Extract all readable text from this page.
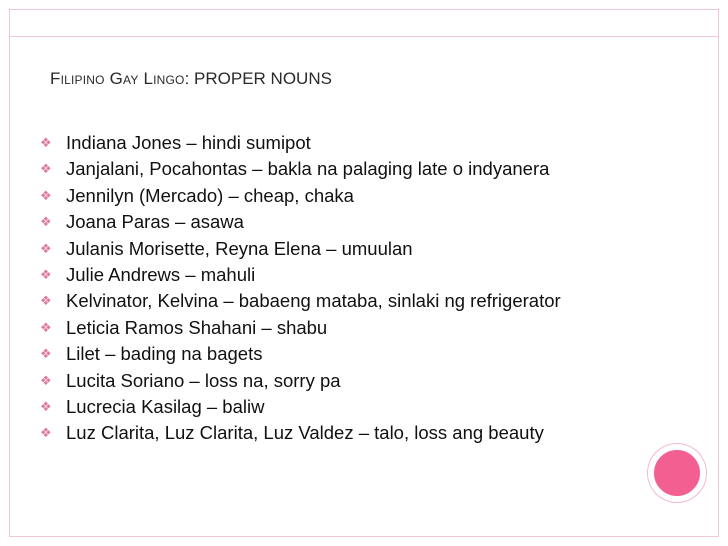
Filipino Gay Lingo: PROPER NOUNS
❖ Indiana Jones – hindi sumipot
❖ Janjalani, Pocahontas – bakla na palaging late o indyanera
❖ Jennilyn (Mercado) – cheap, chaka
❖ Joana Paras – asawa
❖ Julanis Morisette, Reyna Elena – umuulan
❖ Julie Andrews – mahuli
❖ Kelvinator, Kelvina – babaeng mataba, sinlaki ng refrigerator
❖ Leticia Ramos Shahani – shabu
❖ Lilet – bading na bagets
❖ Lucita Soriano – loss na, sorry pa
❖ Lucrecia Kasilag – baliw
❖ Luz Clarita, Luz Clarita, Luz Valdez – talo, loss ang beauty
